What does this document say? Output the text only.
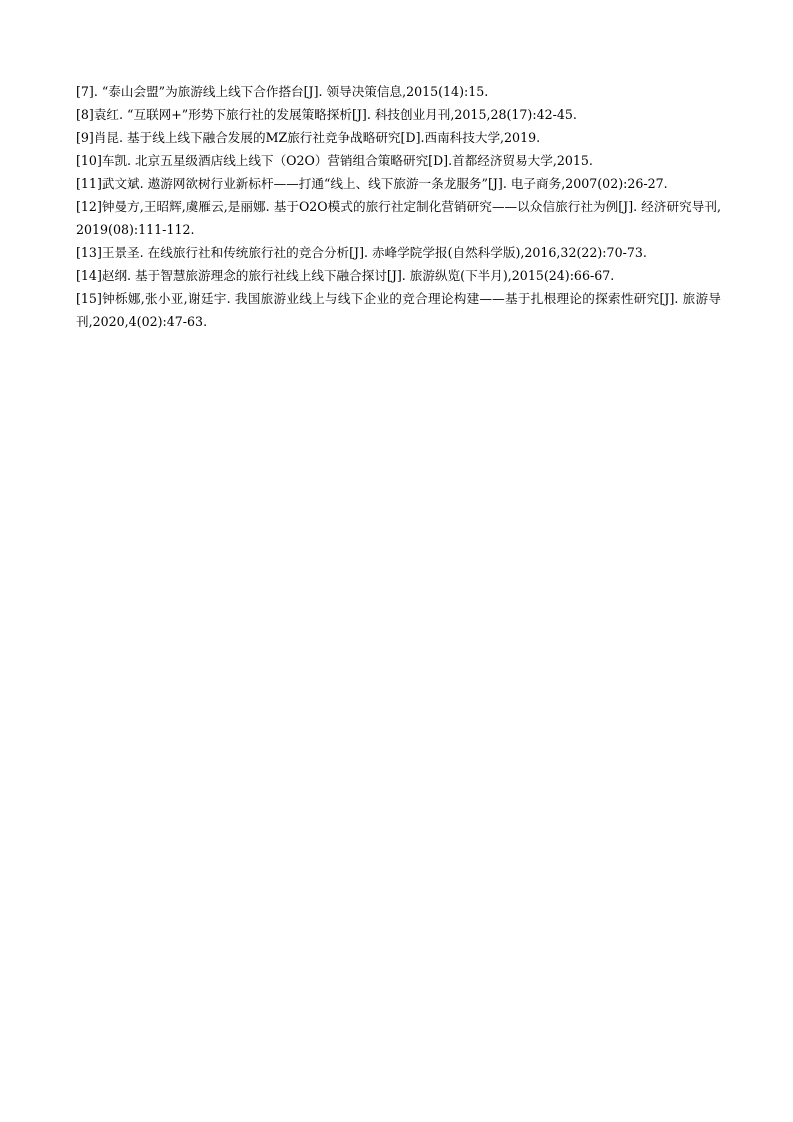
[7]. “泰山会盟”为旅游线上线下合作搭台[J]. 领导决策信息,2015(14):15.
[8]袁红. “互联网+”形势下旅行社的发展策略探析[J]. 科技创业月刊,2015,28(17):42-45.
[9]肖昆. 基于线上线下融合发展的MZ旅行社竞争战略研究[D].西南科技大学,2019.
[10]车凯. 北京五星级酒店线上线下（O2O）营销组合策略研究[D].首都经济贸易大学,2015.
[11]武文斌. 遨游网欲树行业新标杆——打通“线上、线下旅游一条龙服务”[J]. 电子商务,2007(02):26-27.
[12]钟曼方,王昭辉,虞雁云,是丽娜. 基于O2O模式的旅行社定制化营销研究——以众信旅行社为例[J]. 经济研究导刊,2019(08):111-112.
[13]王景圣. 在线旅行社和传统旅行社的竞合分析[J]. 赤峰学院学报(自然科学版),2016,32(22):70-73.
[14]赵纲. 基于智慧旅游理念的旅行社线上线下融合探讨[J]. 旅游纵览(下半月),2015(24):66-67.
[15]钟栎娜,张小亚,谢廷宇. 我国旅游业线上与线下企业的竞合理论构建——基于扎根理论的探索性研究[J]. 旅游导刊,2020,4(02):47-63.
